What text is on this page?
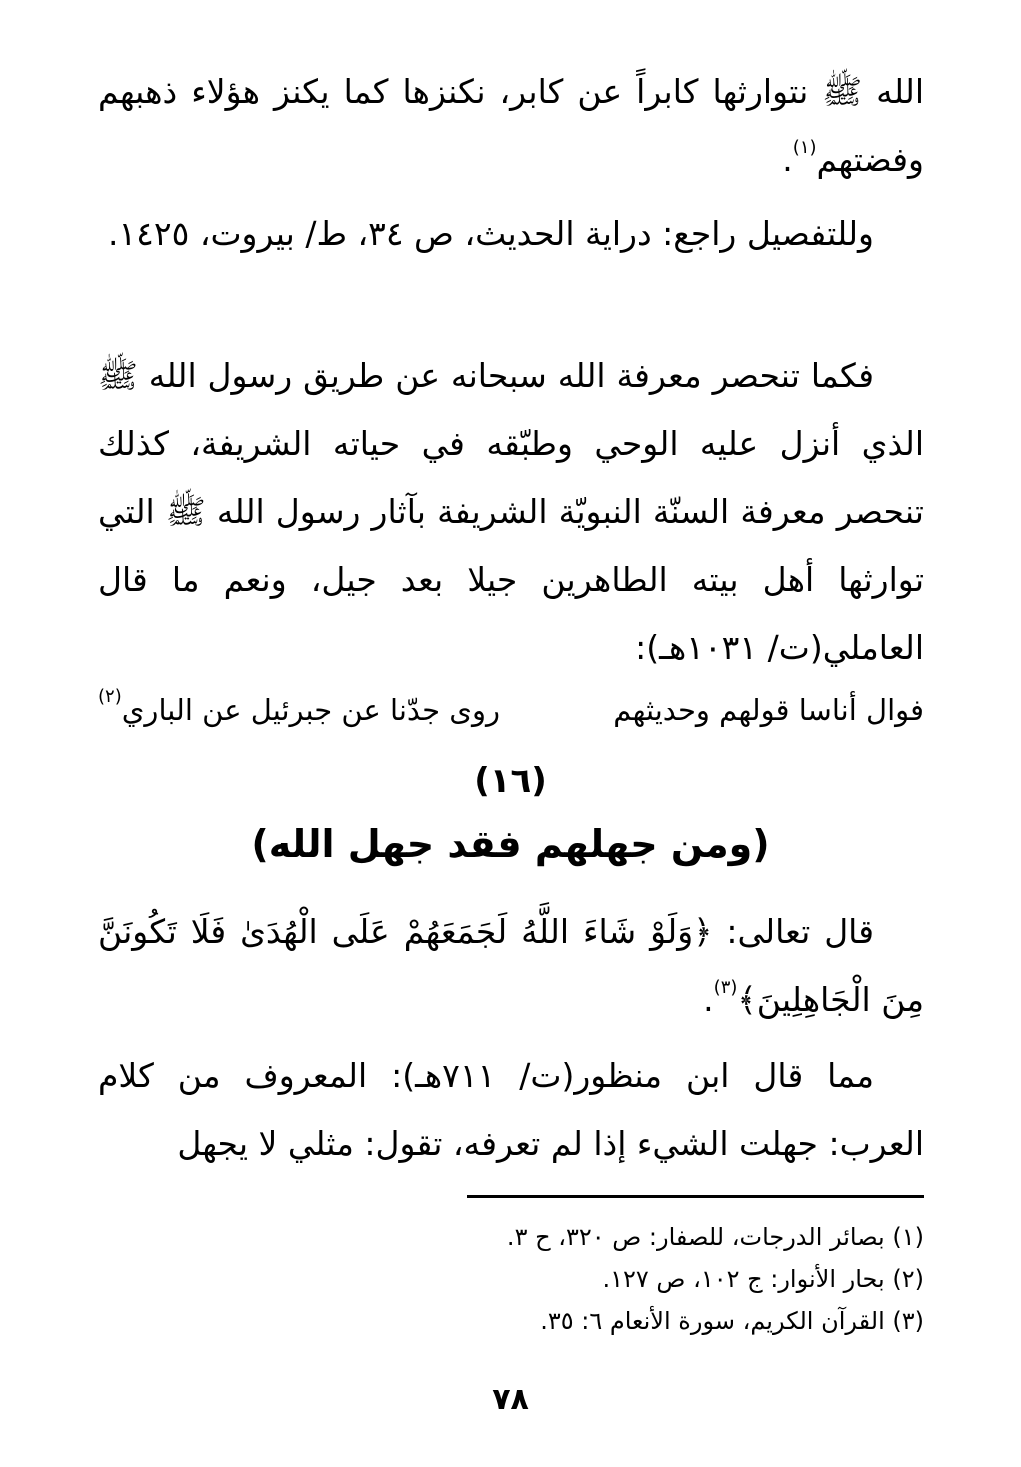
الله ﷺ نتوارثها كابراً عن كابر، نكنزها كما يكنز هؤلاء ذهبهم وفضتهم$^{(١)}$.
وللتفصيل راجع: دراية الحديث، ص ٣٤، ط/ بيروت، ١٤٢٥.
فكما تنحصر معرفة الله سبحانه عن طريق رسول الله ﷺ الذي أنزل عليه الوحي وطبّقه في حياته الشريفة، كذلك تنحصر معرفة السنّة النبويّة الشريفة بآثار رسول الله ﷺ التي توارثها أهل بيته الطاهرين جيلا بعد جيل، ونعم ما قال العاملي(ت/ ١٠٣١هـ):
فوال أناسا قولهم وحديثهم
روى جدّنا عن جبرئيل عن الباري$^{(٢)}$
(١٦)
(ومن جهلهم فقد جهل الله)
قال تعالى: ﴿وَلَوْ شَاءَ اللَّهُ لَجَمَعَهُمْ عَلَى الْهُدَىٰ فَلَا تَكُونَنَّ مِنَ الْجَاهِلِينَ﴾$^{(٣)}$.
مما قال ابن منظور(ت/ ٧١١هـ): المعروف من كلام العرب: جهلت الشيء إذا لم تعرفه، تقول: مثلي لا يجهل
(١) بصائر الدرجات، للصفار: ص ٣٢٠، ح ٣.
(٢) بحار الأنوار: ج ١٠٢، ص ١٢٧.
(٣) القرآن الكريم، سورة الأنعام ٦: ٣٥.
٧٨
